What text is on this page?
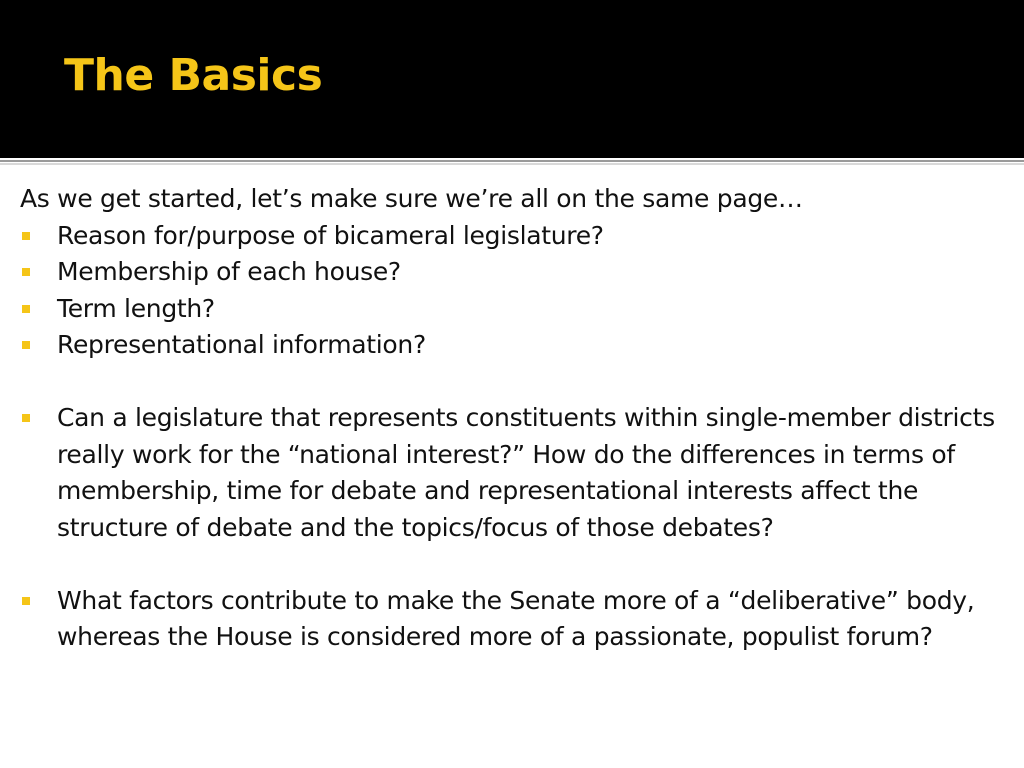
The Basics

As we get started, let’s make sure we’re all on the same page…

Reason for/purpose of bicameral legislature?
Membership of each house?
Term length?
Representational information?
Can a legislature that represents constituents within single-member districts really work for the “national interest?” How do the differences in terms of membership, time for debate and representational interests affect the structure of debate and the topics/focus of those debates?
What factors contribute to make the Senate more of a “deliberative” body, whereas the House is considered more of a passionate, populist forum?
